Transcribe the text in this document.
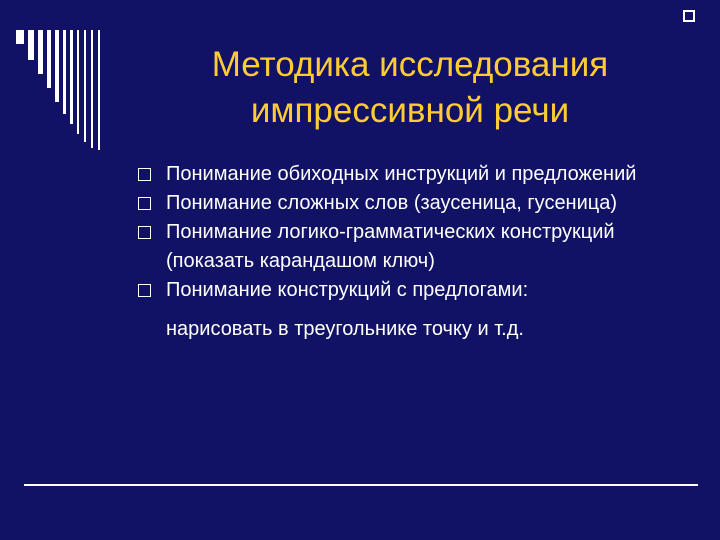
Методика исследования
импрессивной речи
Понимание обиходных инструкций и предложений
Понимание сложных слов (заусеница, гусеница)
Понимание логико-грамматических конструкций (показать карандашом ключ)
Понимание конструкций с предлогами:
нарисовать в треугольнике точку и т.д.
